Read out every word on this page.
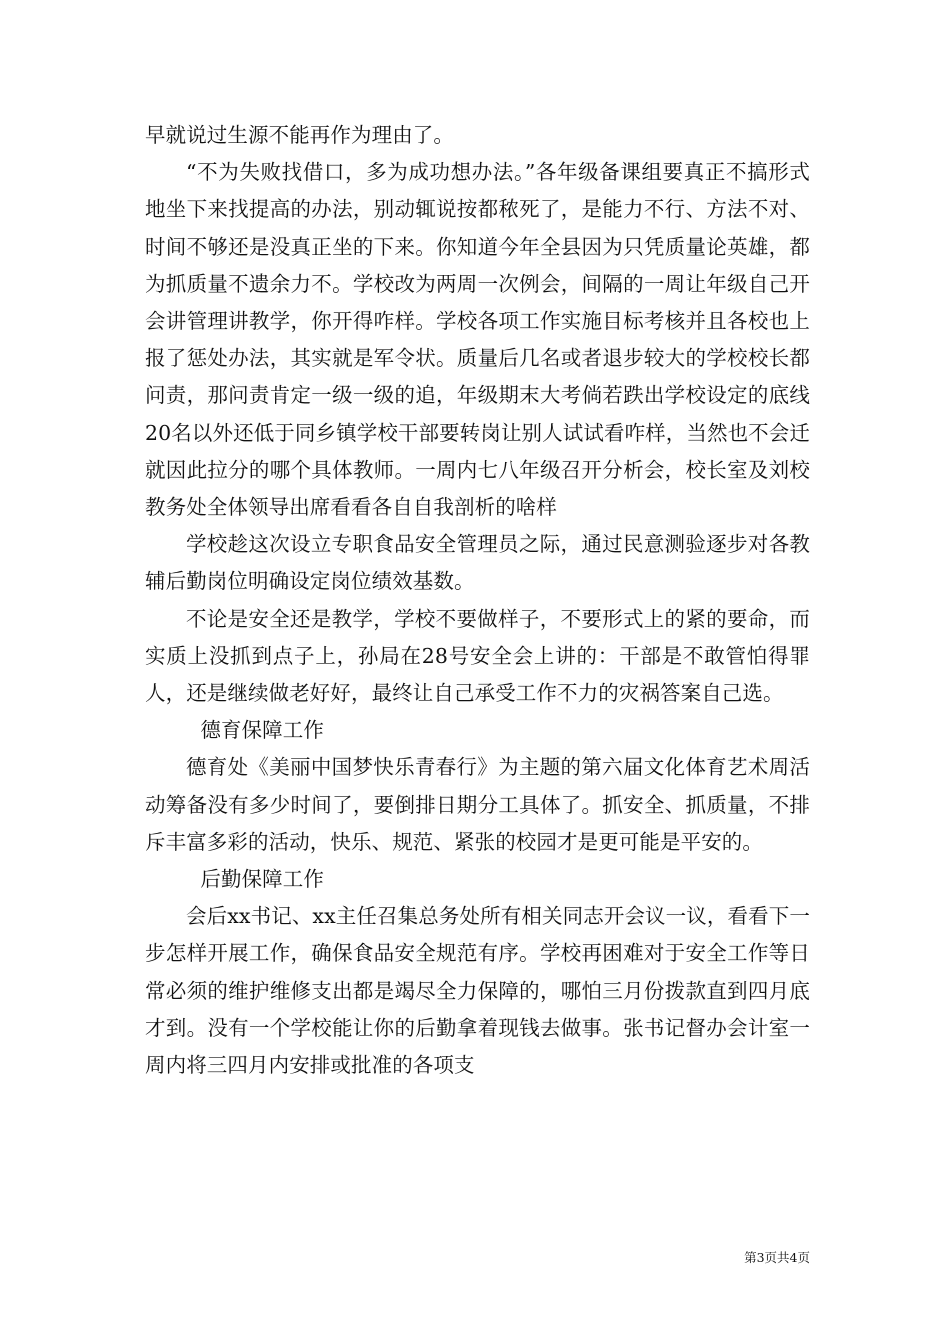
早就说过生源不能再作为理由了。

“不为失败找借口，多为成功想办法。”各年级备课组要真正不搞形式地坐下来找提高的办法，别动辄说按都秾死了，是能力不行、方法不对、时间不够还是没真正坐的下来。你知道今年全县因为只凭质量论英雄，都为抓质量不遗余力不。学校改为两周一次例会，间隔的一周让年级自己开会讲管理讲教学，你开得咋样。学校各项工作实施目标考核并且各校也上报了惩处办法，其实就是军令状。质量后几名或者退步较大的学校校长都问责，那问责肯定一级一级的追，年级期末大考倘若跌出学校设定的底线20名以外还低于同乡镇学校干部要转岗让别人试试看咋样，当然也不会迁就因此拉分的哪个具体教师。一周内七八年级召开分析会，校长室及刘校教务处全体领导出席看看各自自我剖析的啥样

学校趁这次设立专职食品安全管理员之际，通过民意测验逐步对各教辅后勤岗位明确设定岗位绩效基数。

不论是安全还是教学，学校不要做样子，不要形式上的紧的要命，而实质上没抓到点子上，孙局在28号安全会上讲的：干部是不敢管怕得罪人，还是继续做老好好，最终让自己承受工作不力的灾祸答案自己选。

德育保障工作

德育处《美丽中国梦快乐青春行》为主题的第六届文化体育艺术周活动筹备没有多少时间了，要倒排日期分工具体了。抓安全、抓质量，不排斥丰富多彩的活动，快乐、规范、紧张的校园才是更可能是平安的。

后勤保障工作

会后xx书记、xx主任召集总务处所有相关同志开会议一议，看看下一步怎样开展工作，确保食品安全规范有序。学校再困难对于安全工作等日常必须的维护维修支出都是竭尽全力保障的，哪怕三月份拨款直到四月底才到。没有一个学校能让你的后勤拿着现钱去做事。张书记督办会计室一周内将三四月内安排或批准的各项支

第3页共4页
